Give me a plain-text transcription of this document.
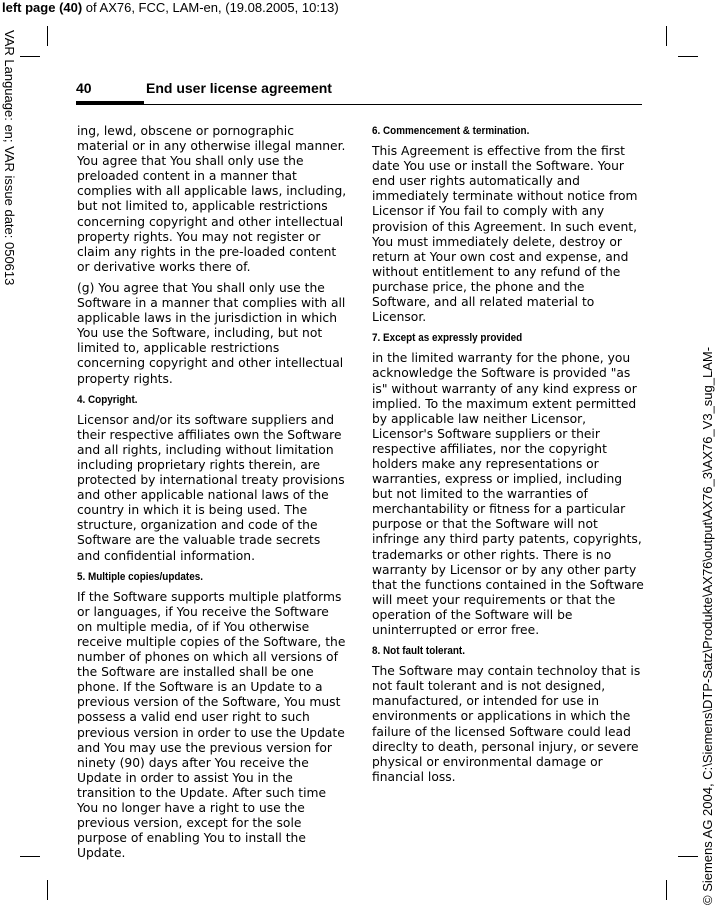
left page (40) of AX76, FCC, LAM-en, (19.08.2005, 10:13)
VAR Language: en; VAR issue date: 050613
© Siemens AG 2004, C:\Siemens\DTP-Satz\Produkte\AX76\output\AX76_3\AX76_V3_sug_LAM-
40	End user license agreement

ing, lewd, obscene or pornographic material or in any otherwise illegal manner. You agree that You shall only use the preloaded content in a manner that complies with all applicable laws, including, but not limited to, applicable restrictions concerning copyright and other intellectual property rights. You may not register or claim any rights in the pre-loaded content or derivative works there of.

(g) You agree that You shall only use the Software in a manner that complies with all applicable laws in the jurisdiction in which You use the Software, including, but not limited to, applicable restrictions concerning copyright and other intellectual property rights.

4. Copyright.

Licensor and/or its software suppliers and their respective affiliates own the Software and all rights, including without limitation including proprietary rights therein, are protected by international treaty provisions and other applicable national laws of the country in which it is being used. The structure, organization and code of the Software are the valuable trade secrets and confidential information.

5. Multiple copies/updates.

If the Software supports multiple platforms or languages, if You receive the Software on multiple media, of if You otherwise receive multiple copies of the Software, the number of phones on which all versions of the Software are installed shall be one phone. If the Software is an Update to a previous version of the Software, You must possess a valid end user right to such previous version in order to use the Update and You may use the previous version for ninety (90) days after You receive the Update in order to assist You in the transition to the Update. After such time You no longer have a right to use the previous version, except for the sole purpose of enabling You to install the Update.

6. Commencement & termination.

This Agreement is effective from the first date You use or install the Software. Your end user rights automatically and immediately terminate without notice from Licensor if You fail to comply with any provision of this Agreement. In such event, You must immediately delete, destroy or return at Your own cost and expense, and without entitlement to any refund of the purchase price, the phone and the Software, and all related material to Licensor.

7. Except as expressly provided

in the limited warranty for the phone, you acknowledge the Software is provided "as is" without warranty of any kind express or implied. To the maximum extent permitted by applicable law neither Licensor, Licensor's Software suppliers or their respective affiliates, nor the copyright holders make any representations or warranties, express or implied, including but not limited to the warranties of merchantability or fitness for a particular purpose or that the Software will not infringe any third party patents, copyrights, trademarks or other rights. There is no warranty by Licensor or by any other party that the functions contained in the Software will meet your requirements or that the operation of the Software will be uninterrupted or error free.

8. Not fault tolerant.

The Software may contain technoloy that is not fault tolerant and is not designed, manufactured, or intended for use in environments or applications in which the failure of the licensed Software could lead direclty to death, personal injury, or severe physical or environmental damage or financial loss.
